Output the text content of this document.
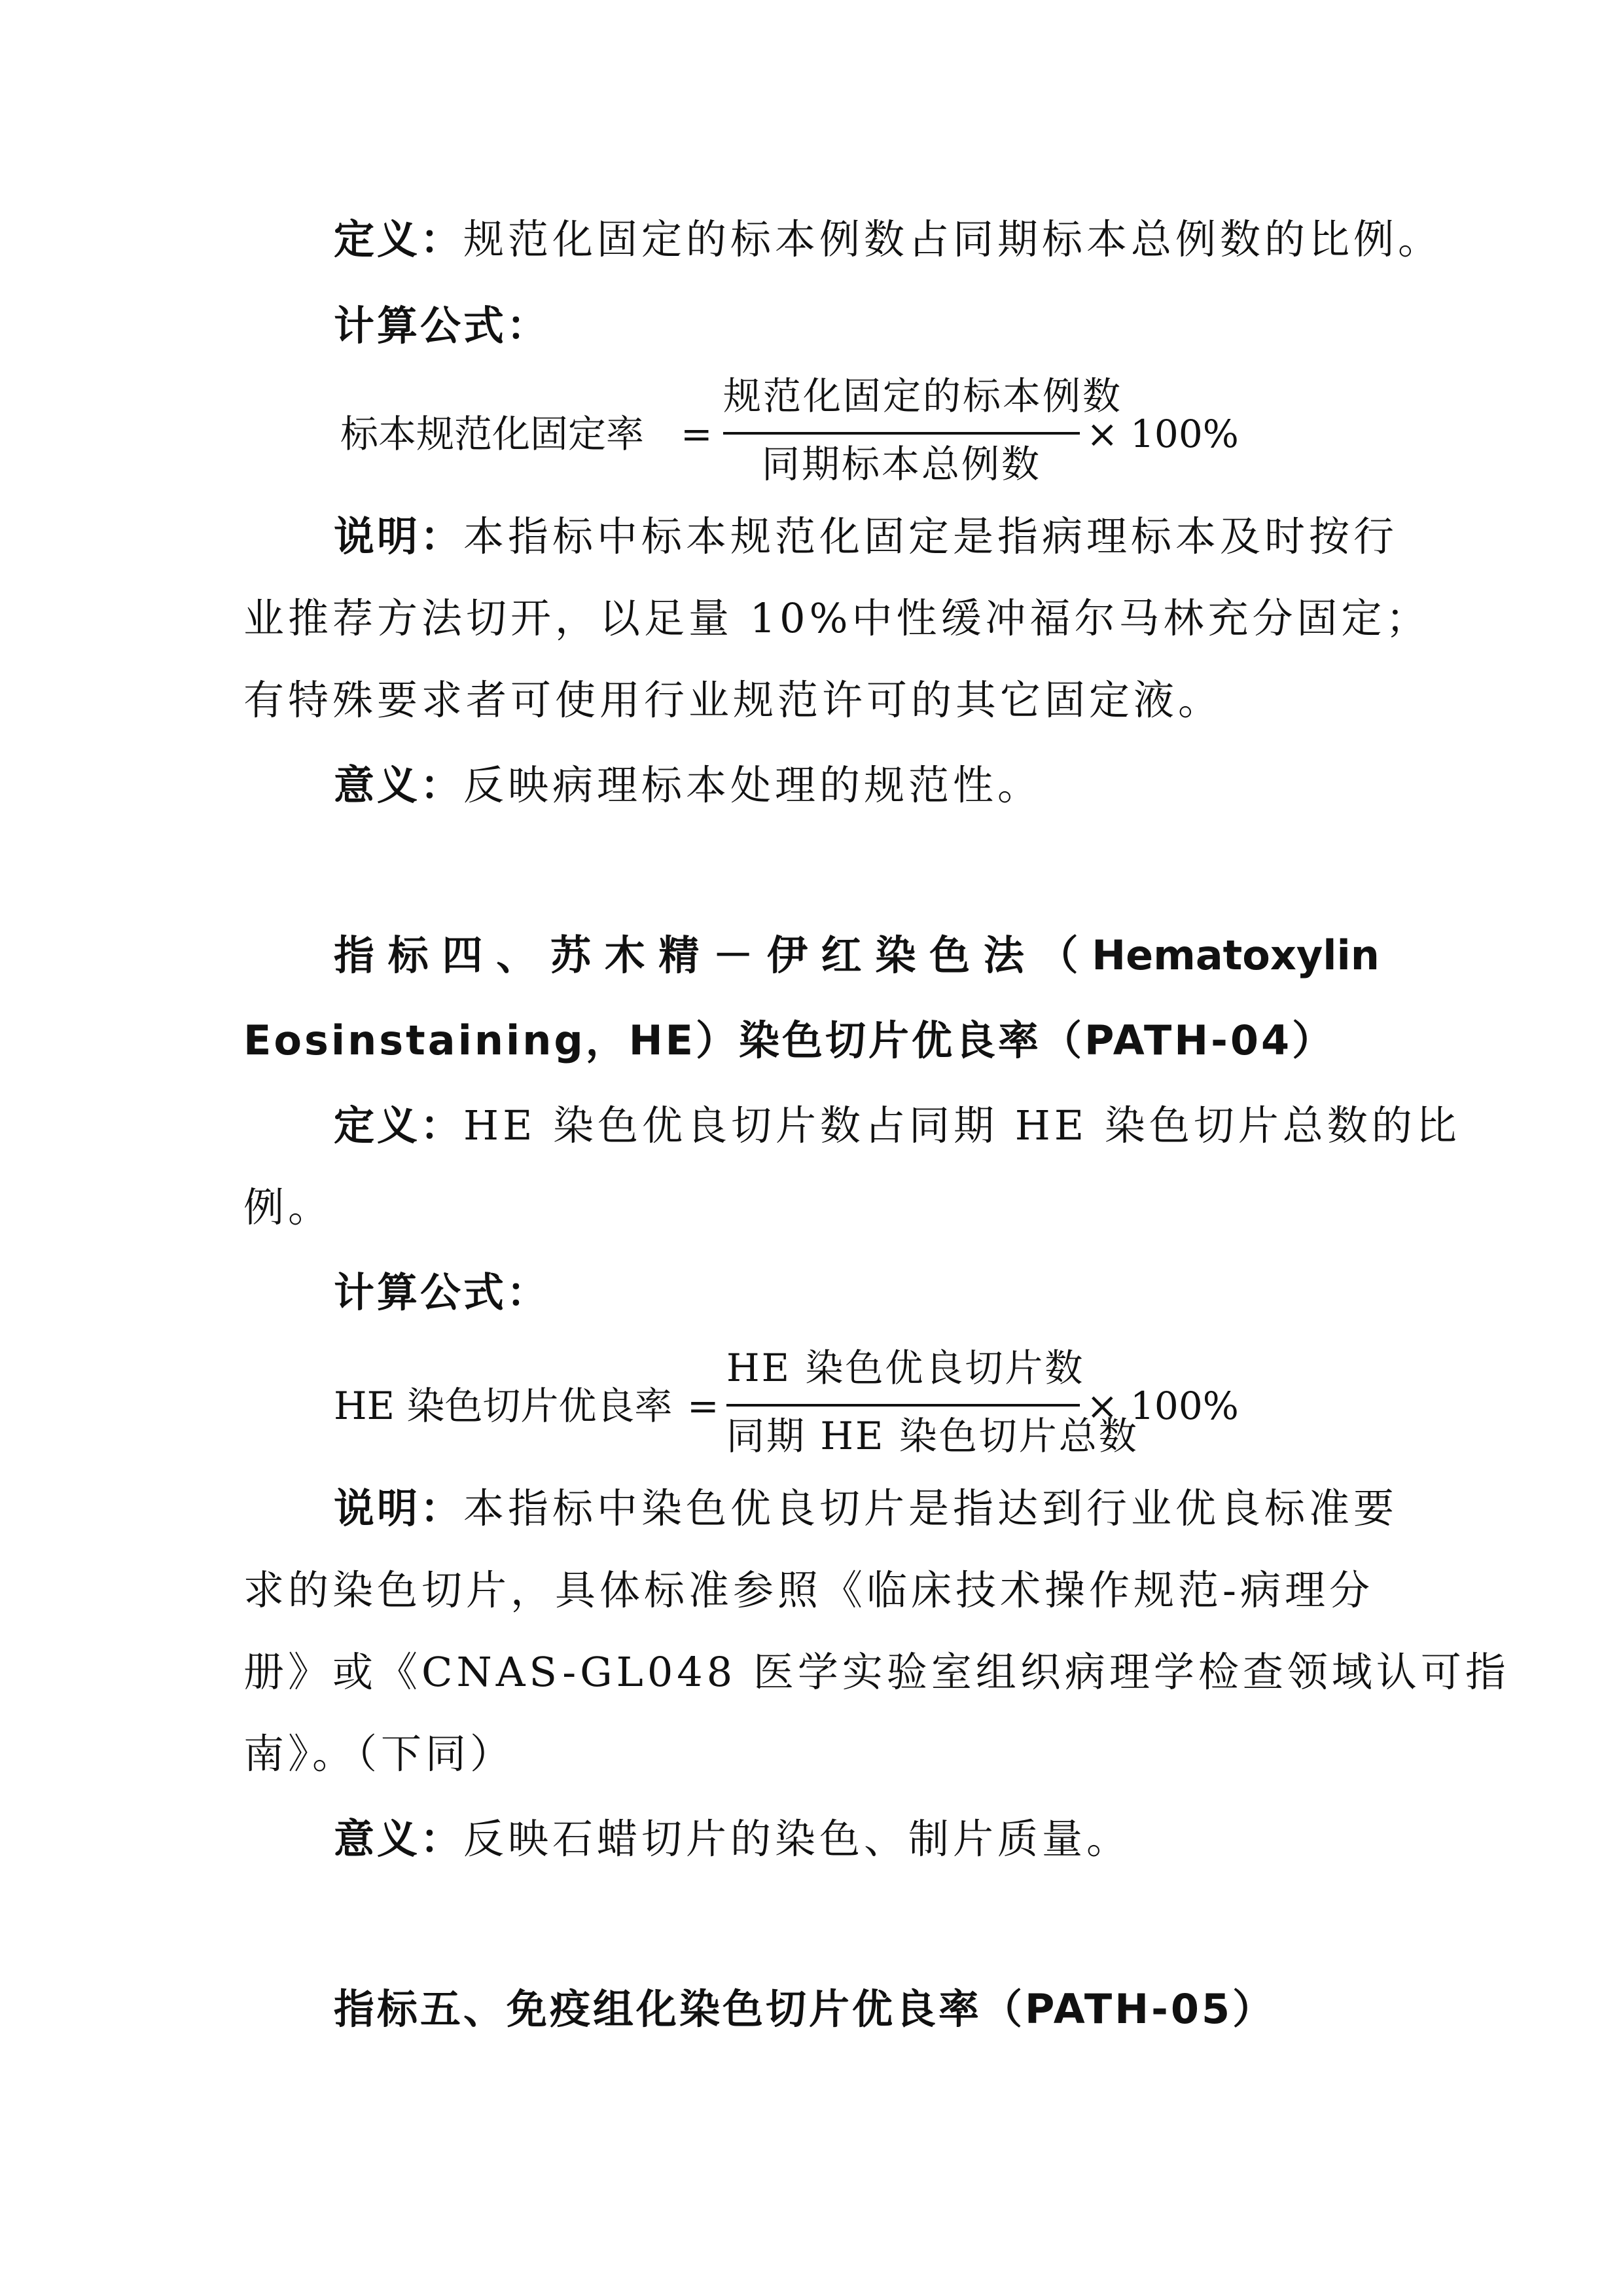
定义：规范化固定的标本例数占同期标本总例数的比例。
计算公式：
标本规范化固定率 =
规范化固定的标本例数
同期标本总例数
× 100%
说明：本指标中标本规范化固定是指病理标本及时按行
业推荐方法切开，以足量 10%中性缓冲福尔马林充分固定；
有特殊要求者可使用行业规范许可的其它固定液。
意义：反映病理标本处理的规范性。
指 标 四 、 苏 木 精 － 伊 红 染 色 法 （ Hematoxylin
Eosinstaining，HE）染色切片优良率（PATH-04）
定义：HE 染色优良切片数占同期 HE 染色切片总数的比
例。
计算公式：
HE 染色切片优良率 =
HE 染色优良切片数
同期 HE 染色切片总数
× 100%
说明：本指标中染色优良切片是指达到行业优良标准要
求的染色切片，具体标准参照《临床技术操作规范-病理分
册》或《CNAS-GL048 医学实验室组织病理学检查领域认可指
南》。（下同）
意义：反映石蜡切片的染色、制片质量。
指标五、免疫组化染色切片优良率（PATH-05）
